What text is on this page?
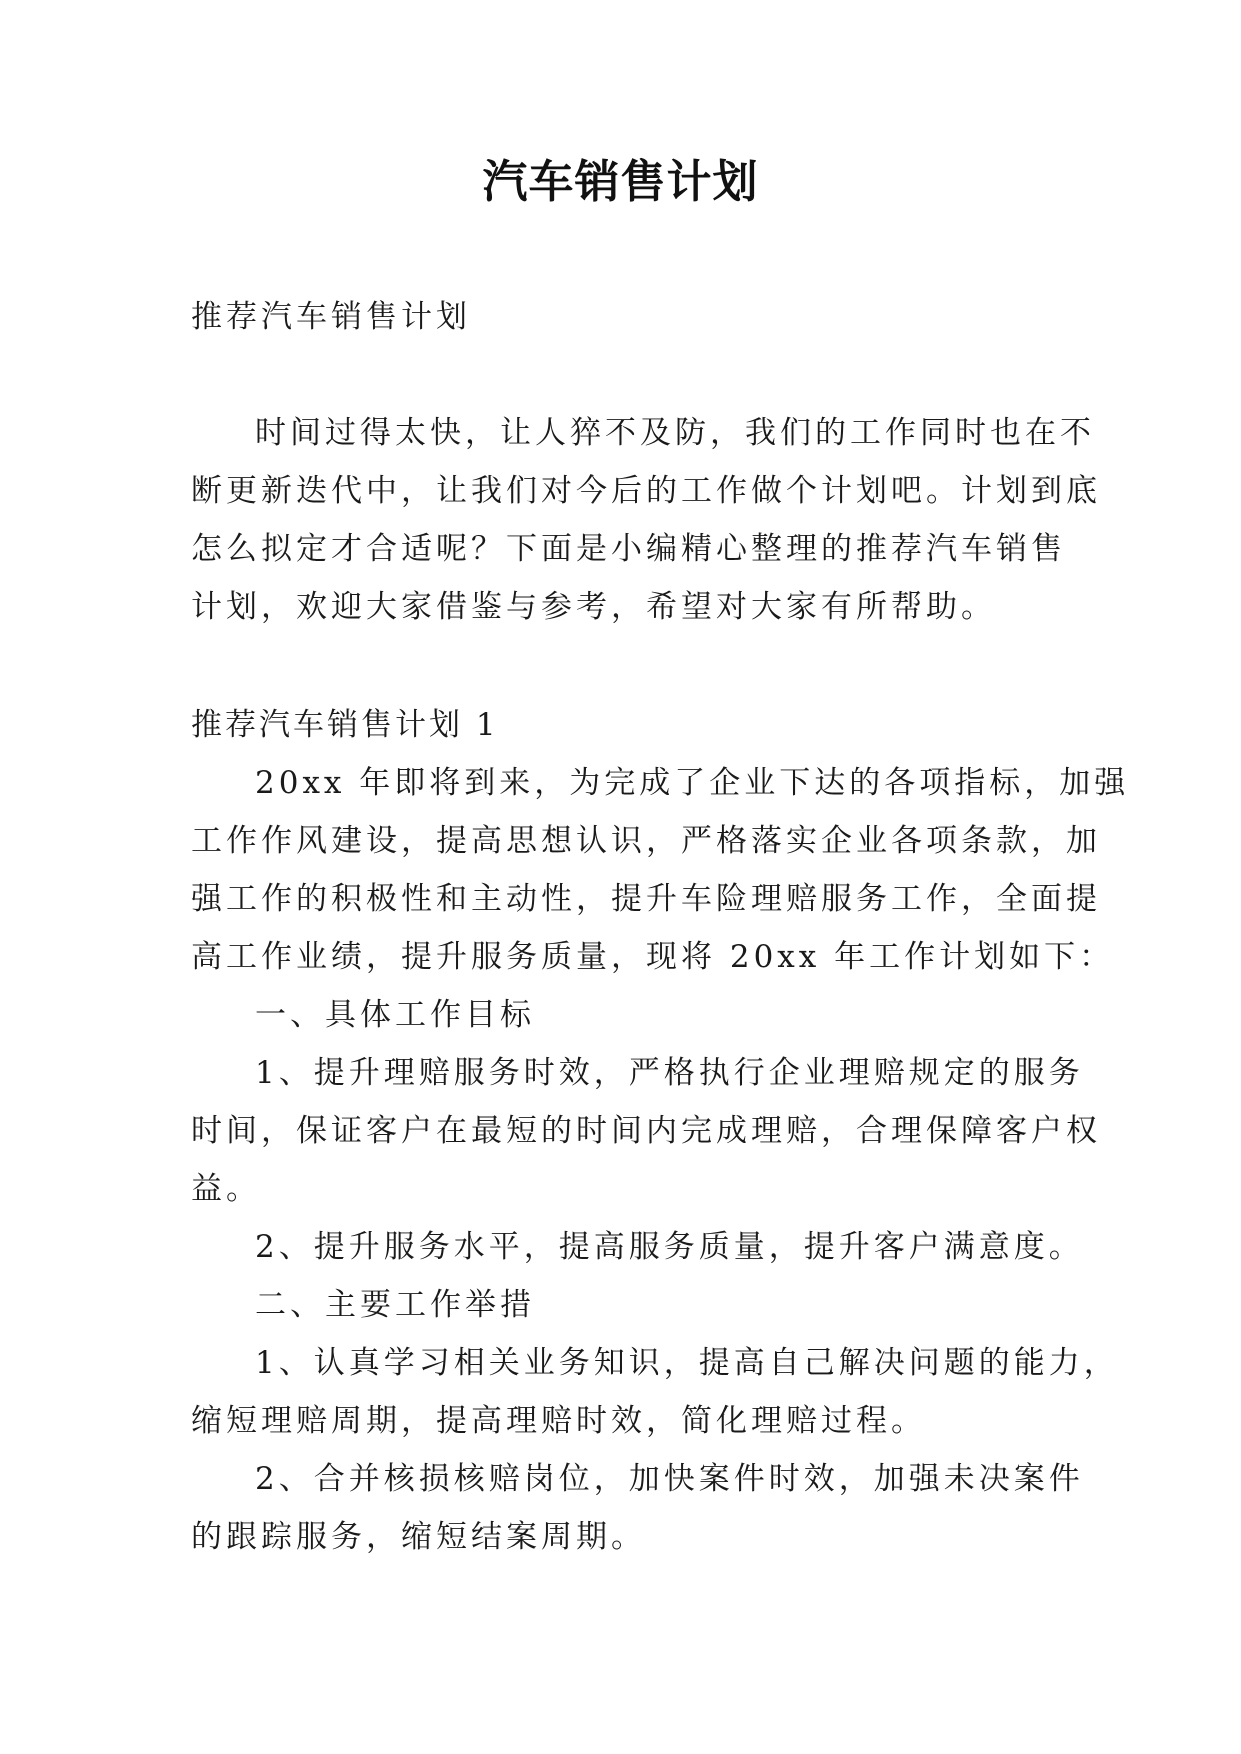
汽车销售计划

推荐汽车销售计划

时间过得太快，让人猝不及防，我们的工作同时也在不

断更新迭代中，让我们对今后的工作做个计划吧。计划到底

怎么拟定才合适呢？下面是小编精心整理的推荐汽车销售

计划，欢迎大家借鉴与参考，希望对大家有所帮助。

推荐汽车销售计划 1

20xx 年即将到来，为完成了企业下达的各项指标，加强

工作作风建设，提高思想认识，严格落实企业各项条款，加

强工作的积极性和主动性，提升车险理赔服务工作，全面提

高工作业绩，提升服务质量，现将 20xx 年工作计划如下：

一、具体工作目标

1、提升理赔服务时效，严格执行企业理赔规定的服务

时间，保证客户在最短的时间内完成理赔，合理保障客户权

益。

2、提升服务水平，提高服务质量，提升客户满意度。

二、主要工作举措

1、认真学习相关业务知识，提高自己解决问题的能力，

缩短理赔周期，提高理赔时效，简化理赔过程。

2、合并核损核赔岗位，加快案件时效，加强未决案件

的跟踪服务，缩短结案周期。
